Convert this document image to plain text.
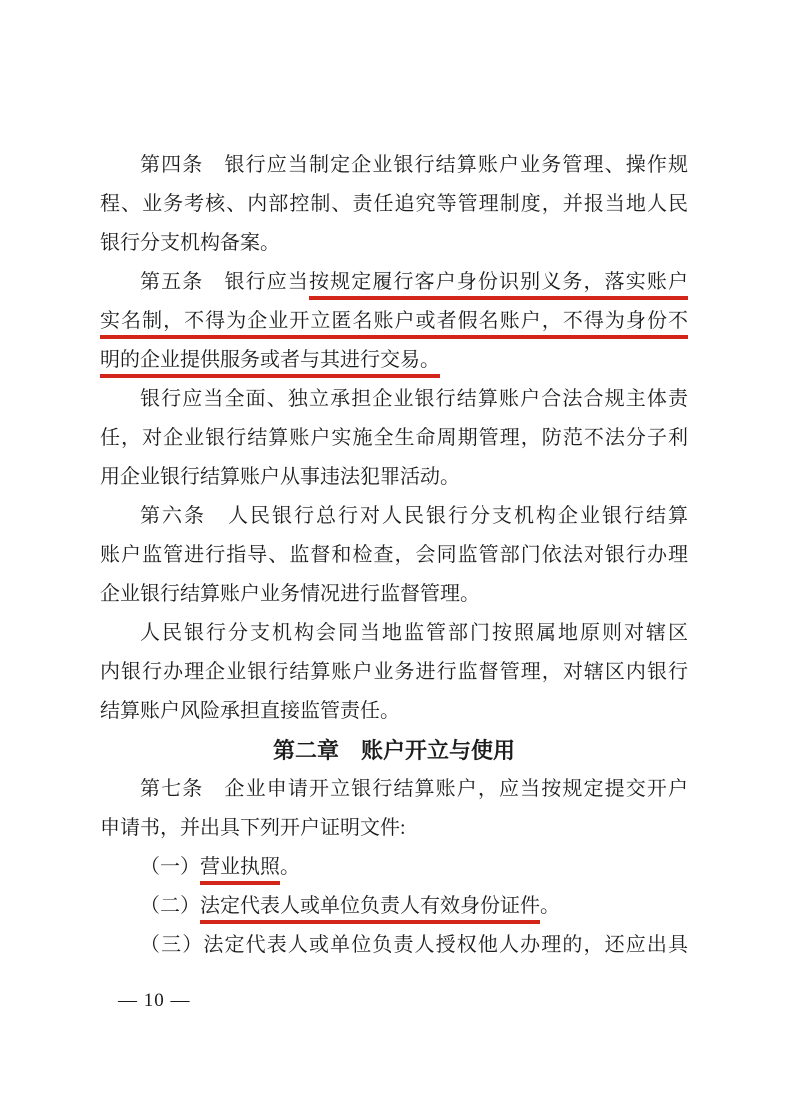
第四条　银行应当制定企业银行结算账户业务管理、操作规
程、业务考核、内部控制、责任追究等管理制度，并报当地人民
银行分支机构备案。
第五条　银行应当按规定履行客户身份识别义务，落实账户
实名制，不得为企业开立匿名账户或者假名账户，不得为身份不
明的企业提供服务或者与其进行交易。
银行应当全面、独立承担企业银行结算账户合法合规主体责
任，对企业银行结算账户实施全生命周期管理，防范不法分子利
用企业银行结算账户从事违法犯罪活动。
第六条　人民银行总行对人民银行分支机构企业银行结算
账户监管进行指导、监督和检查，会同监管部门依法对银行办理
企业银行结算账户业务情况进行监督管理。
人民银行分支机构会同当地监管部门按照属地原则对辖区
内银行办理企业银行结算账户业务进行监督管理，对辖区内银行
结算账户风险承担直接监管责任。
第二章　账户开立与使用
第七条　企业申请开立银行结算账户，应当按规定提交开户
申请书，并出具下列开户证明文件:
（一）营业执照。
（二）法定代表人或单位负责人有效身份证件。
（三）法定代表人或单位负责人授权他人办理的，还应出具
— 10 —
